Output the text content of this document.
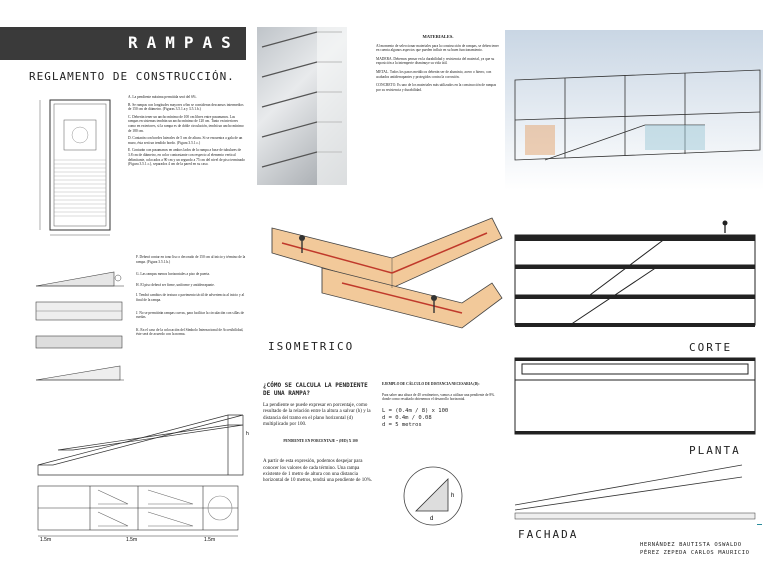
RAMPAS
REGLAMENTO DE CONSTRUCCIÓN.

A. La pendiente máxima permitida será del 6%.

B. Se rampas con longitudes mayores a 6m se consideran descansos intermedios de 150 cm de diámetro. (Figuras 3.5.1.a y 3.5.1.b.)

C. Deberán tener un ancho mínimo de 100 cm libres entre pasamanos. Las rampas en sistemas tendrán un ancho mínimo de 120 cm. Tanto en interiores como en exteriores, si la rampa es de doble circulación, tendrá un ancho mínimo de 180 cm.

D. Contarán con bordes laterales de 5 cm de altura. Si se encuentra a gala de un muro, ésta será un tendido bordo. (Figura 3.5.1.c.)

E. Contarán con pasamanos en ambos lados de la rampa a base de tubulares de 3.8 cm de diámetro, en color contrastante con respecto al elemento vertical delimitante, colocados a 90 cm y un segundo a 75 cm del nivel de piso terminado (Figura 3.5.1.c.), separados 4 cm de la pared en su caso.

F. Deberá contar en tono liso o decorado de 150 cm al inicio y término de la rampa. (Figura 3.5.1.b.)

G. Las rampas menos horizontales a piso de puerta.

H. El piso deberá ser firme, uniforme y antiderrapante.

I. Tendrá cambios de textura o pavimento táctil de advertencia al inicio y al final de la rampa.

J. No se permitirán rampas curvas, para facilitar la circulación con sillas de ruedas.

K. En el caso de la colocación del Símbolo Internacional de Accesibilidad, éste será de acuerdo con la norma.

h
1.5m	1.5m	1.5m
MATERIALES.

Al momento de seleccionar materiales para la construcción de rampas, se deben tener en cuenta algunos aspectos que pueden influir en su buen funcionamiento.

MADERA. Debemos pensar en la durabilidad y resistencia del material, ya que su exposición a la intemperie disminuye su vida útil.

METAL. Todos los pasos metálicos deberán ser de aluminio, acero o hierro, con acabados antiderrapantes y protegidos contra la corrosión.

CONCRETO. Es uno de los materiales más utilizados en la construcción de rampas por su resistencia y durabilidad.

ISOMETRICO	CORTE
¿CÓMO SE CALCULA LA PENDIENTE DE UNA RAMPA?

La pendiente se puede expresar en porcentaje, como resultado de la relación entre la altura a salvar (h) y la distancia del tramo en el plano horizontal (d) multiplicado por 100.

PENDIENTE EN PORCENTAJE = (H/D) X 100

A partir de esta expresión, podemos despejar para conocer los valores de cada término. Una rampa existente de 1 metro de altura con una distancia horizontal de 10 metros, tendrá una pendiente de 10%.

EJEMPLO DE CÁLCULO DE DISTANCIA NECESARIA (D):

Para saber una altura de 40 centímetros, vamos a utilizar una pendiente de 8%. donde como resultado obtenemos el desarrollo horizontal.

L = (0.4m / 8) x 100
d = 0.4m / 0.08
d = 5 metros
h
d
PLANTA
FACHADA
HERNÁNDEZ BAUTISTA OSWALDO
PÉREZ ZEPEDA CARLOS MAURICIO
